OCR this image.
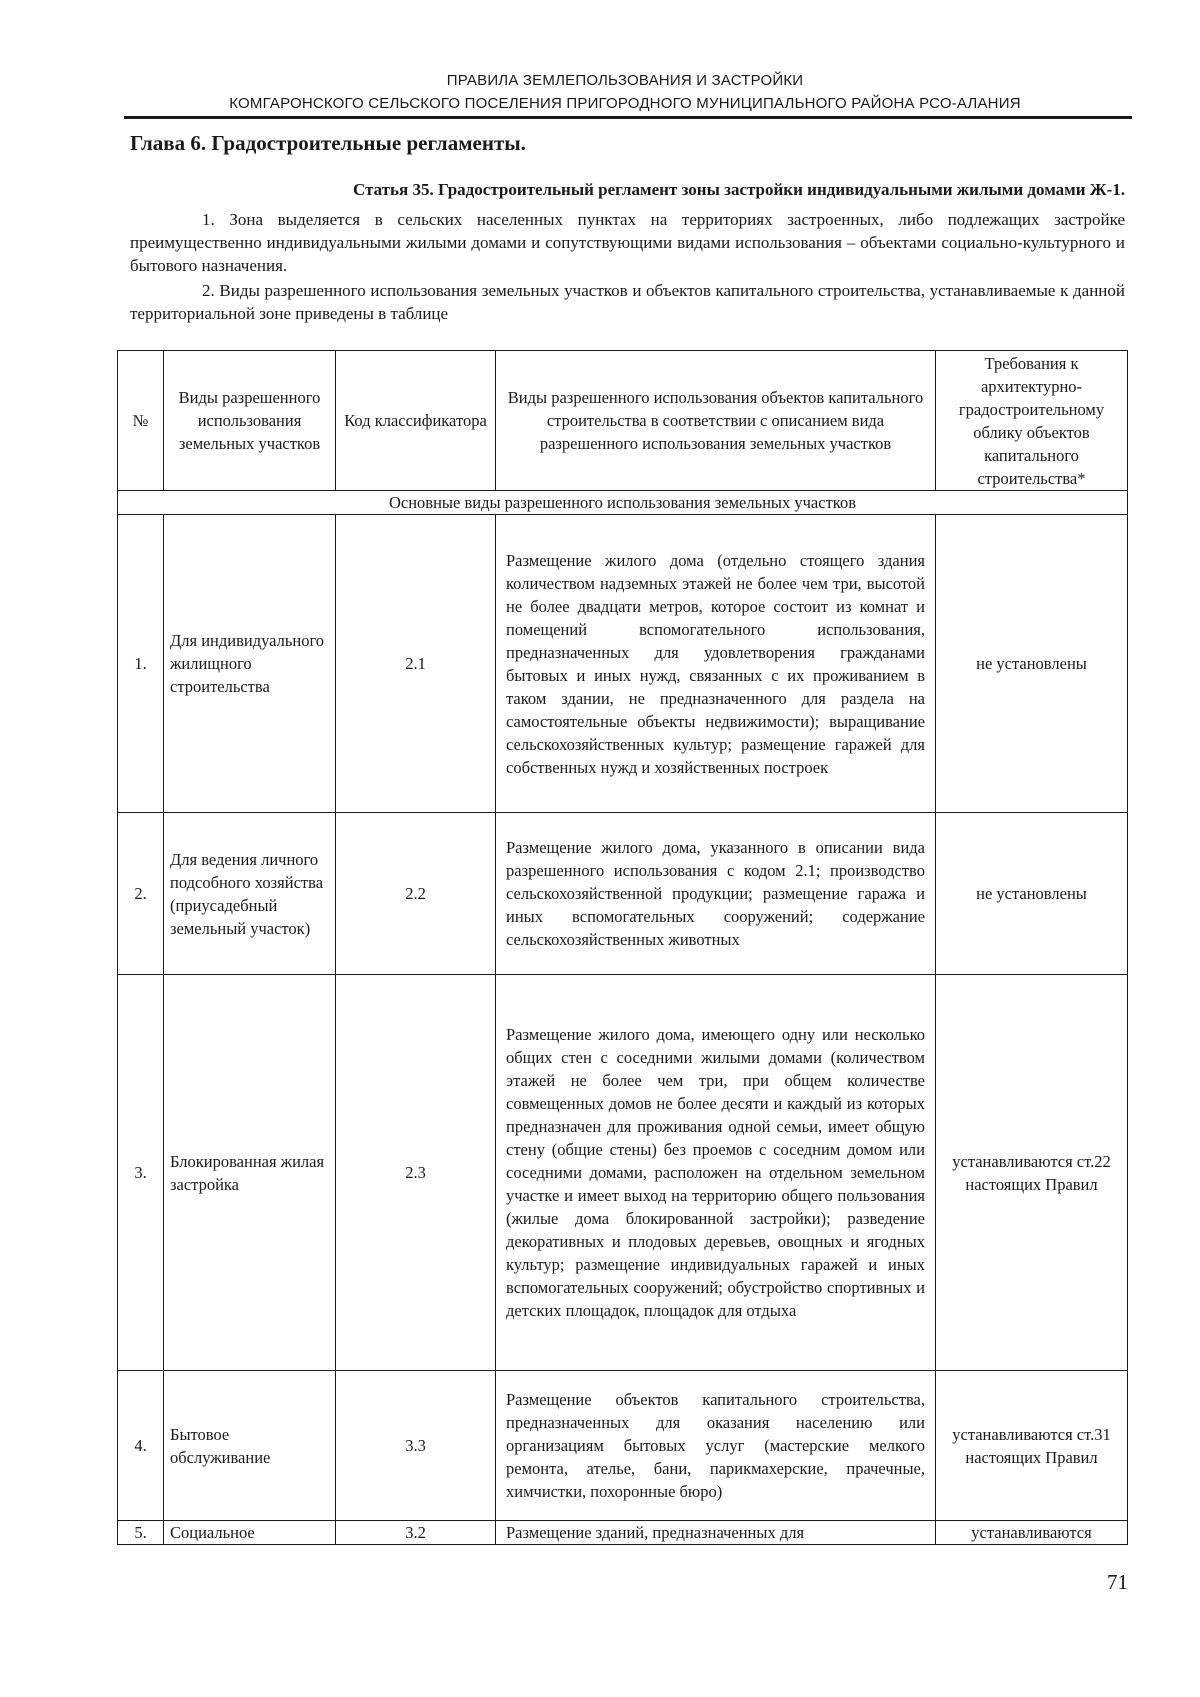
ПРАВИЛА ЗЕМЛЕПОЛЬЗОВАНИЯ И ЗАСТРОЙКИ
КОМГАРОНСКОГО СЕЛЬСКОГО ПОСЕЛЕНИЯ ПРИГОРОДНОГО МУНИЦИПАЛЬНОГО РАЙОНА РСО-АЛАНИЯ
Глава 6. Градостроительные регламенты.
Статья 35. Градостроительный регламент зоны застройки индивидуальными жилыми домами Ж-1.
1. Зона выделяется в сельских населенных пунктах на территориях застроенных, либо подлежащих застройке преимущественно индивидуальными жилыми домами и сопутствующими видами использования – объектами социально-культурного и бытового назначения.
2. Виды разрешенного использования земельных участков и объектов капитального строительства, устанавливаемые к данной территориальной зоне приведены в таблице
№	Виды разрешенного использования земельных участков	Код классификатора	Виды разрешенного использования объектов капитального строительства в соответствии с описанием вида разрешенного использования земельных участков	Требования к архитектурно-градостроительному облику объектов капитального строительства*
Основные виды разрешенного использования земельных участков				
1.	Для индивидуального жилищного строительства	2.1	Размещение жилого дома (отдельно стоящего здания количеством надземных этажей не более чем три, высотой не более двадцати метров, которое состоит из комнат и помещений вспомогательного использования, предназначенных для удовлетворения гражданами бытовых и иных нужд, связанных с их проживанием в таком здании, не предназначенного для раздела на самостоятельные объекты недвижимости); выращивание сельскохозяйственных культур; размещение гаражей для собственных нужд и хозяйственных построек	не установлены
2.	Для ведения личного подсобного хозяйства (приусадебный земельный участок)	2.2	Размещение жилого дома, указанного в описании вида разрешенного использования с кодом 2.1; производство сельскохозяйственной продукции; размещение гаража и иных вспомогательных сооружений; содержание сельскохозяйственных животных	не установлены
3.	Блокированная жилая застройка	2.3	Размещение жилого дома, имеющего одну или несколько общих стен с соседними жилыми домами (количеством этажей не более чем три, при общем количестве совмещенных домов не более десяти и каждый из которых предназначен для проживания одной семьи, имеет общую стену (общие стены) без проемов с соседним домом или соседними домами, расположен на отдельном земельном участке и имеет выход на территорию общего пользования (жилые дома блокированной застройки); разведение декоративных и плодовых деревьев, овощных и ягодных культур; размещение индивидуальных гаражей и иных вспомогательных сооружений; обустройство спортивных и детских площадок, площадок для отдыха	устанавливаются ст.22 настоящих Правил
4.	Бытовое обслуживание	3.3	Размещение объектов капитального строительства, предназначенных для оказания населению или организациям бытовых услуг (мастерские мелкого ремонта, ателье, бани, парикмахерские, прачечные, химчистки, похоронные бюро)	устанавливаются ст.31 настоящих Правил
5.	Социальное	3.2	Размещение зданий, предназначенных для	устанавливаются
71
